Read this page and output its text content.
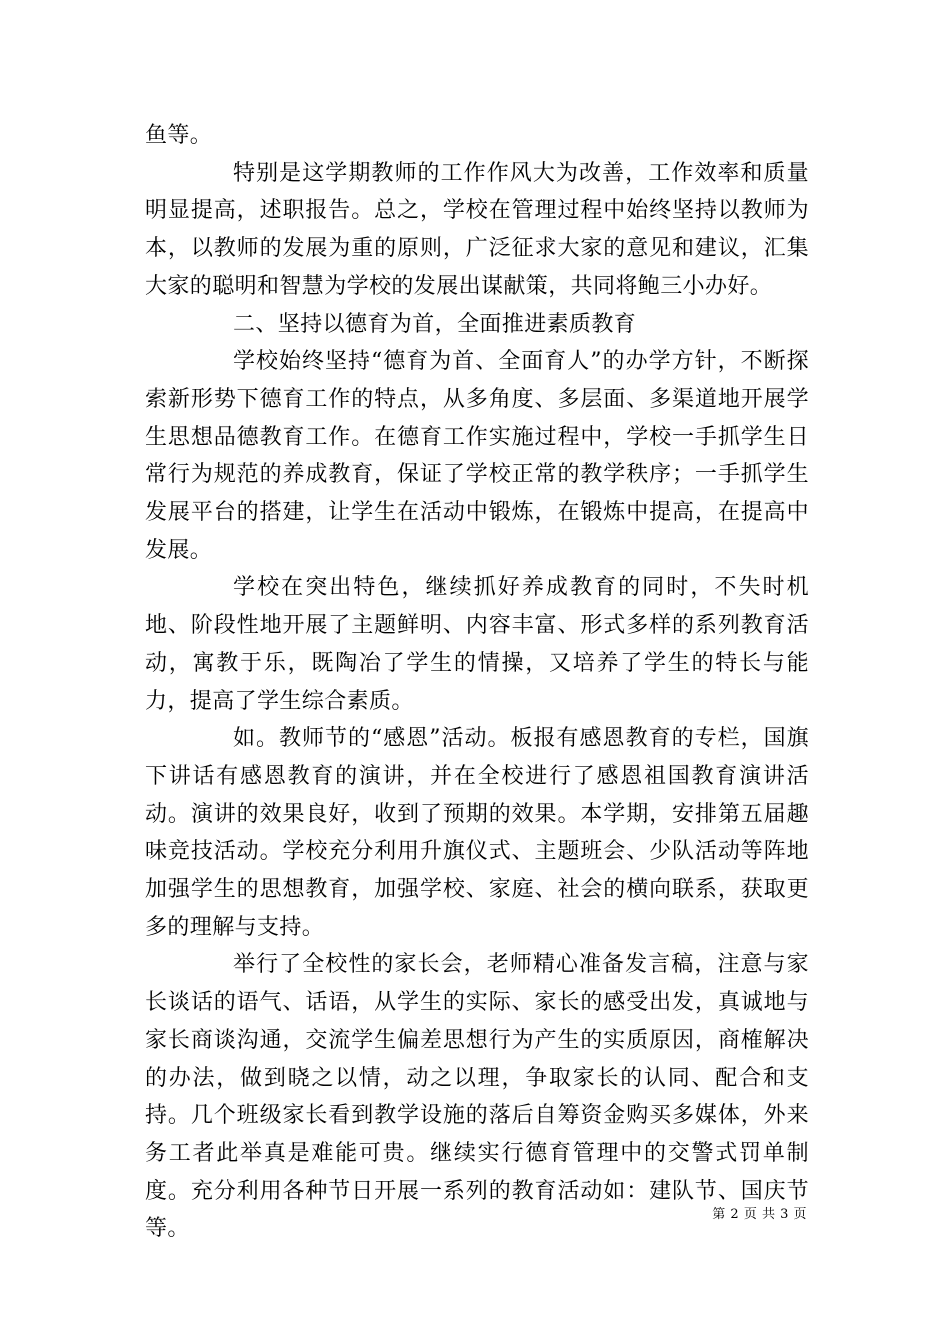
鱼等。

特别是这学期教师的工作作风大为改善，工作效率和质量明显提高，述职报告。总之，学校在管理过程中始终坚持以教师为本，以教师的发展为重的原则，广泛征求大家的意见和建议，汇集大家的聪明和智慧为学校的发展出谋献策，共同将鲍三小办好。

二、坚持以德育为首，全面推进素质教育

学校始终坚持“德育为首、全面育人”的办学方针，不断探索新形势下德育工作的特点，从多角度、多层面、多渠道地开展学生思想品德教育工作。在德育工作实施过程中，学校一手抓学生日常行为规范的养成教育，保证了学校正常的教学秩序；一手抓学生发展平台的搭建，让学生在活动中锻炼，在锻炼中提高，在提高中发展。

学校在突出特色，继续抓好养成教育的同时，不失时机地、阶段性地开展了主题鲜明、内容丰富、形式多样的系列教育活动，寓教于乐，既陶冶了学生的情操，又培养了学生的特长与能力，提高了学生综合素质。

如。教师节的“感恩”活动。板报有感恩教育的专栏，国旗下讲话有感恩教育的演讲，并在全校进行了感恩祖国教育演讲活动。演讲的效果良好，收到了预期的效果。本学期，安排第五届趣味竞技活动。学校充分利用升旗仪式、主题班会、少队活动等阵地加强学生的思想教育，加强学校、家庭、社会的横向联系，获取更多的理解与支持。

举行了全校性的家长会，老师精心准备发言稿，注意与家长谈话的语气、话语，从学生的实际、家长的感受出发，真诚地与家长商谈沟通，交流学生偏差思想行为产生的实质原因，商榷解决的办法，做到晓之以情，动之以理，争取家长的认同、配合和支持。几个班级家长看到教学设施的落后自筹资金购买多媒体，外来务工者此举真是难能可贵。继续实行德育管理中的交警式罚单制度。充分利用各种节日开展一系列的教育活动如：建队节、国庆节等。

第 2 页 共 3 页
